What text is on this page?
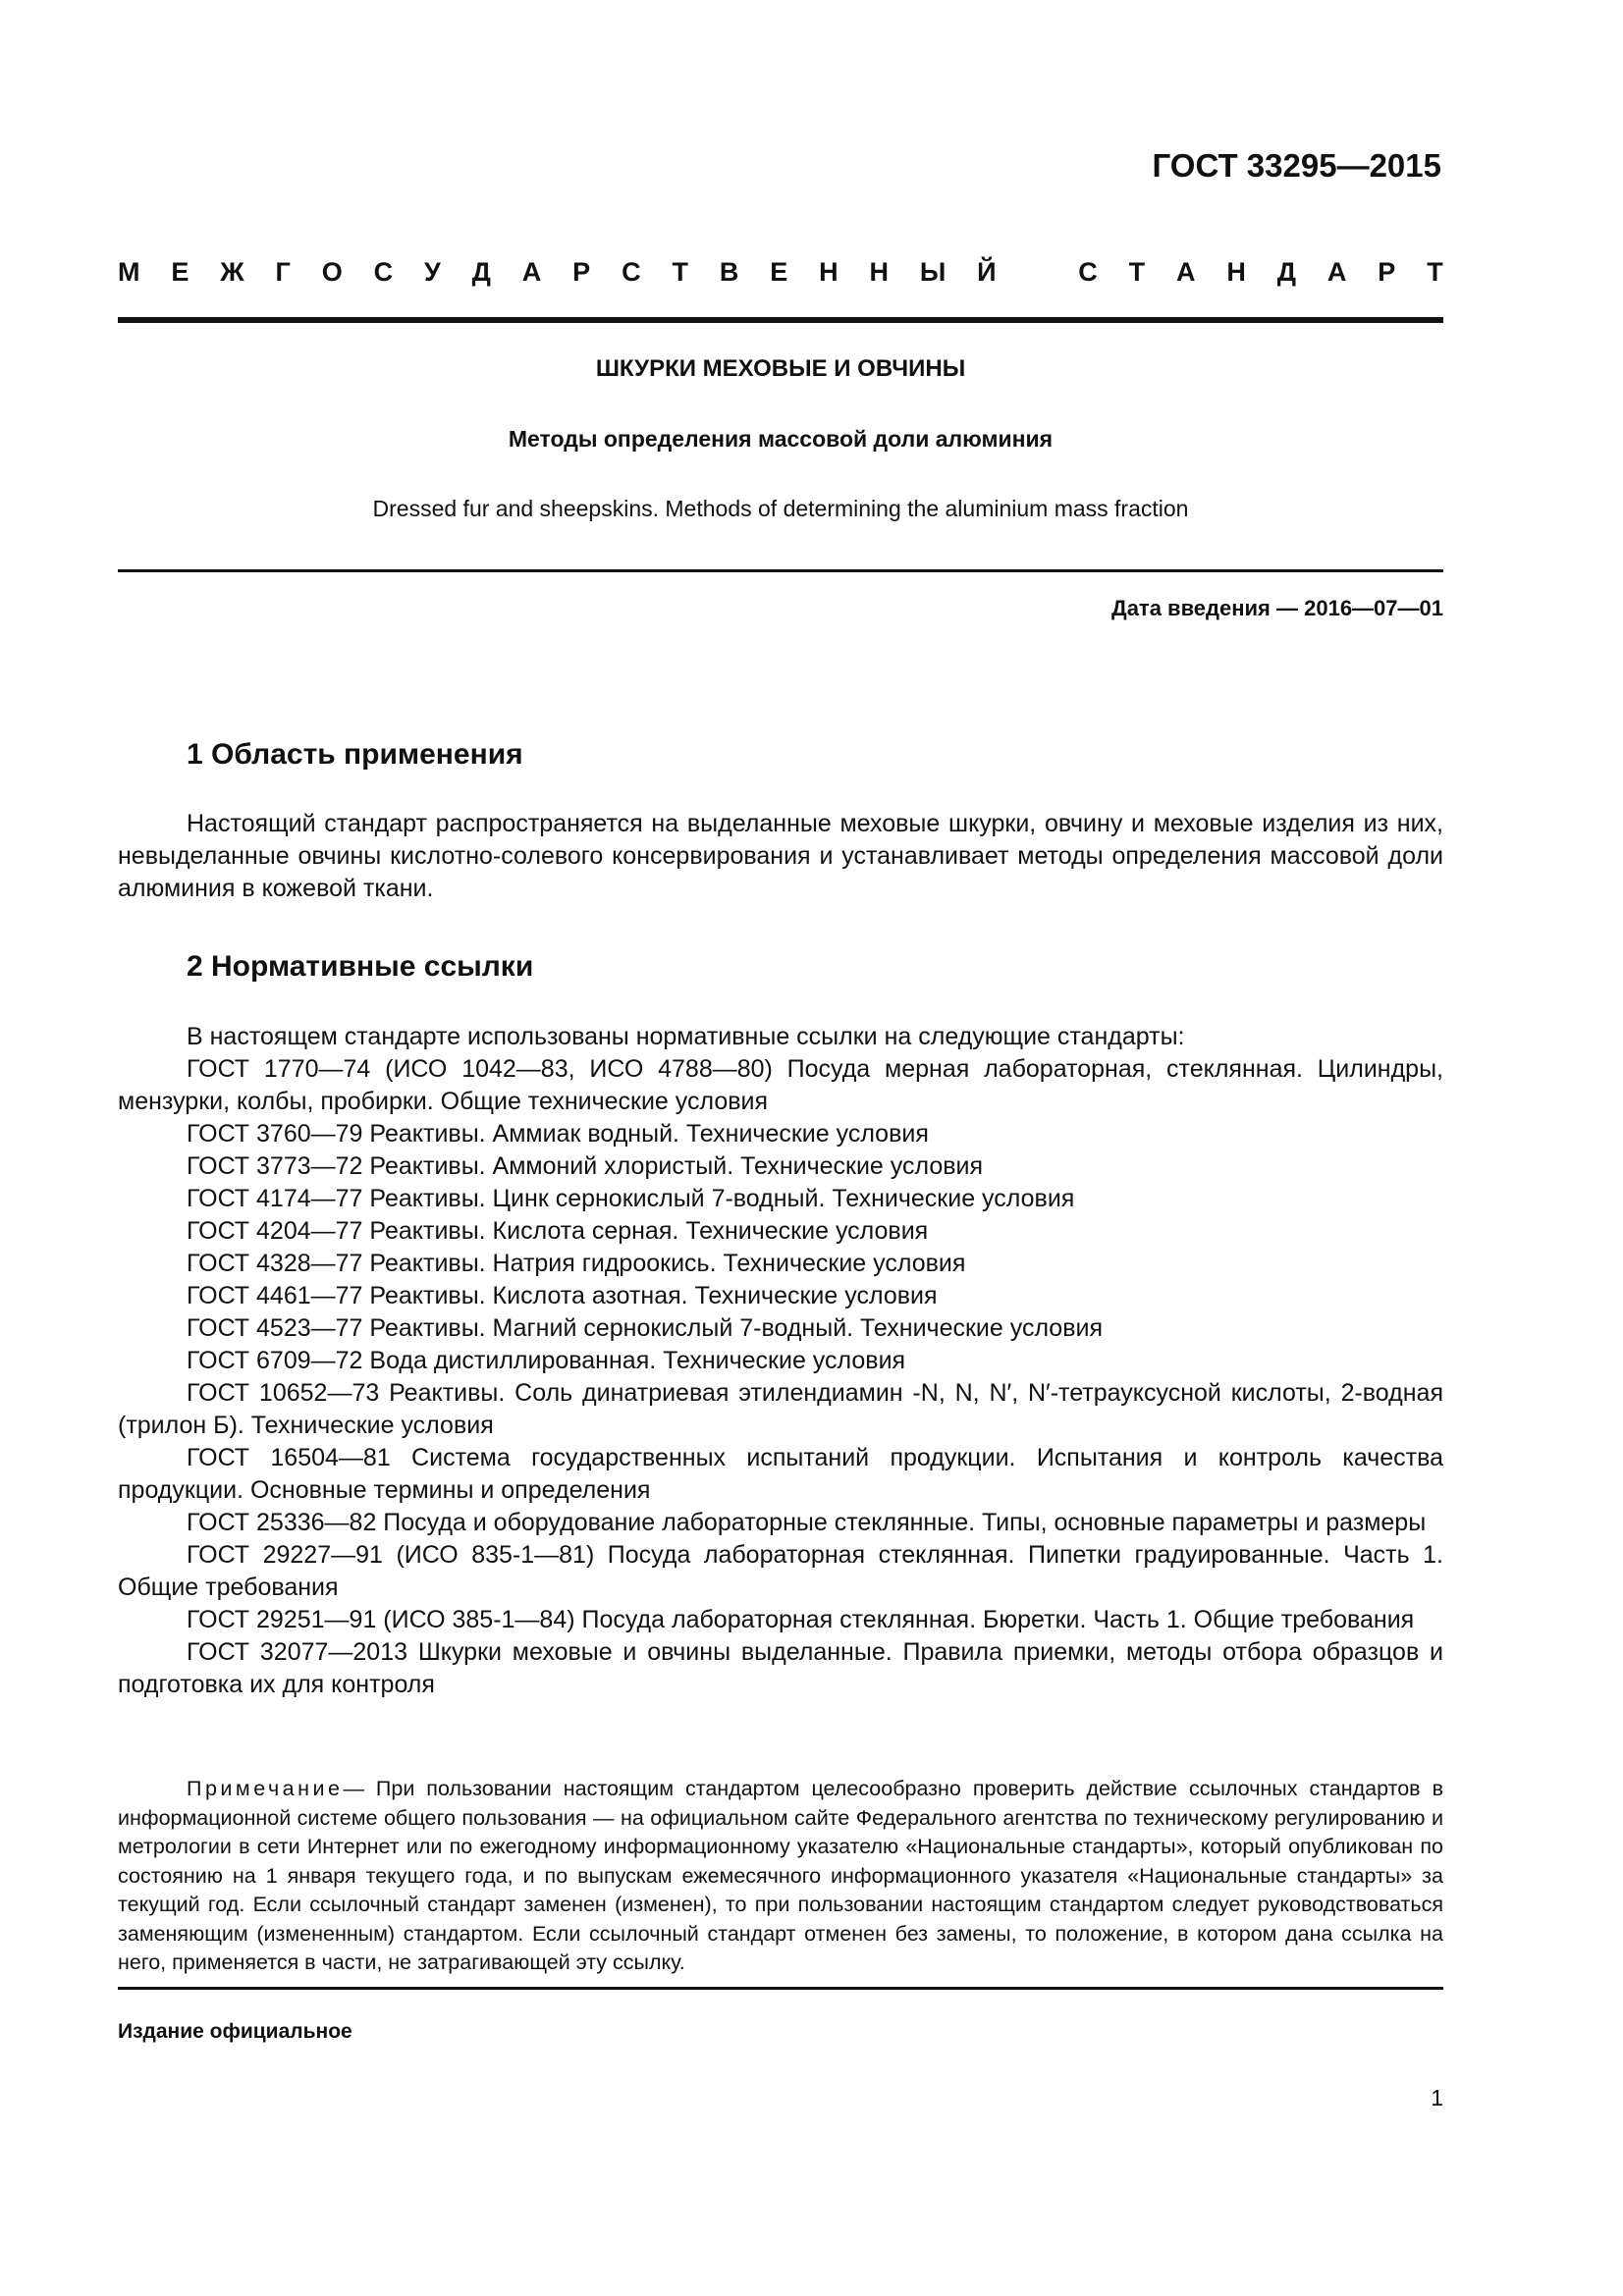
ГОСТ 33295—2015
М Е Ж Г О С У Д А Р С Т В Е Н Н Ы Й	С Т А Н Д А Р Т
ШКУРКИ МЕХОВЫЕ И ОВЧИНЫ
Методы определения массовой доли алюминия
Dressed fur and sheepskins. Methods of determining the aluminium mass fraction
Дата введения — 2016—07—01
1 Область применения

Настоящий стандарт распространяется на выделанные меховые шкурки, овчину и меховые изделия из них, невыделанные овчины кислотно-солевого консервирования и устанавливает методы определения массовой доли алюминия в кожевой ткани.

2 Нормативные ссылки

В настоящем стандарте использованы нормативные ссылки на следующие стандарты:

ГОСТ 1770—74 (ИСО 1042—83, ИСО 4788—80) Посуда мерная лабораторная, стеклянная. Цилиндры, мензурки, колбы, пробирки. Общие технические условия

ГОСТ 3760—79 Реактивы. Аммиак водный. Технические условия

ГОСТ 3773—72 Реактивы. Аммоний хлористый. Технические условия

ГОСТ 4174—77 Реактивы. Цинк сернокислый 7-водный. Технические условия

ГОСТ 4204—77 Реактивы. Кислота серная. Технические условия

ГОСТ 4328—77 Реактивы. Натрия гидроокись. Технические условия

ГОСТ 4461—77 Реактивы. Кислота азотная. Технические условия

ГОСТ 4523—77 Реактивы. Магний сернокислый 7-водный. Технические условия

ГОСТ 6709—72 Вода дистиллированная. Технические условия

ГОСТ 10652—73 Реактивы. Соль динатриевая этилендиамин -N, N, N′, N′-тетрауксусной кислоты, 2-водная (трилон Б). Технические условия

ГОСТ 16504—81 Система государственных испытаний продукции. Испытания и контроль качества продукции. Основные термины и определения

ГОСТ 25336—82 Посуда и оборудование лабораторные стеклянные. Типы, основные параметры и размеры

ГОСТ 29227—91 (ИСО 835-1—81) Посуда лабораторная стеклянная. Пипетки градуированные. Часть 1. Общие требования

ГОСТ 29251—91 (ИСО 385-1—84) Посуда лабораторная стеклянная. Бюретки. Часть 1. Общие требования

ГОСТ 32077—2013 Шкурки меховые и овчины выделанные. Правила приемки, методы отбора образцов и подготовка их для контроля

Примечание— При пользовании настоящим стандартом целесообразно проверить действие ссылочных стандартов в информационной системе общего пользования — на официальном сайте Федерального агентства по техническому регулированию и метрологии в сети Интернет или по ежегодному информационному указателю «Национальные стандарты», который опубликован по состоянию на 1 января текущего года, и по выпускам ежемесячного информационного указателя «Национальные стандарты» за текущий год. Если ссылочный стандарт заменен (изменен), то при пользовании настоящим стандартом следует руководствоваться заменяющим (измененным) стандартом. Если ссылочный стандарт отменен без замены, то положение, в котором дана ссылка на него, применяется в части, не затрагивающей эту ссылку.

Издание официальное
1
